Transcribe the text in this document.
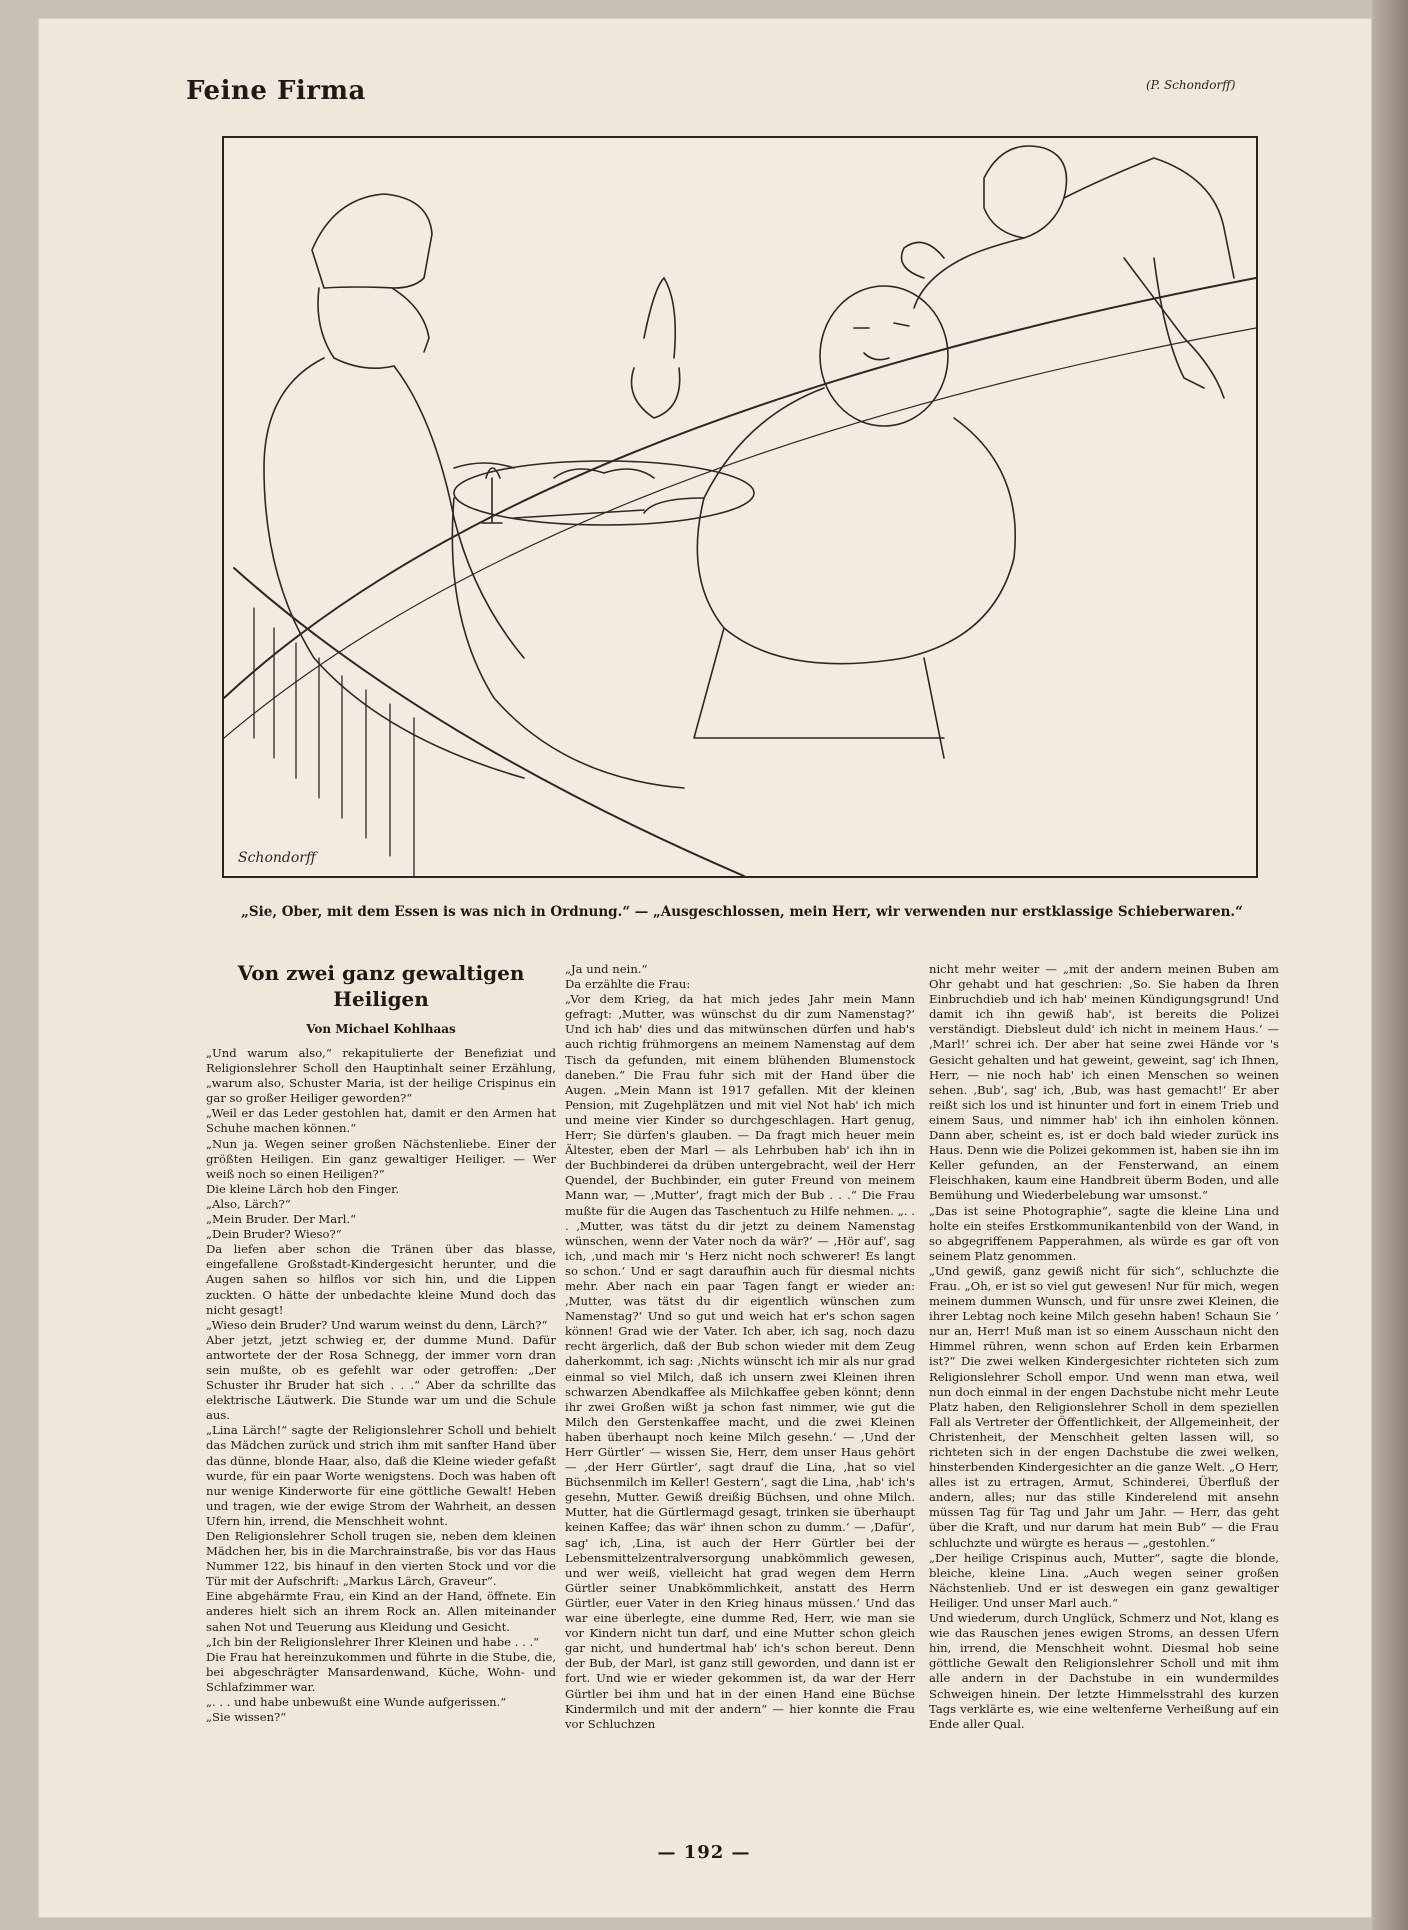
Feine Firma	(P. Schondorff)
Schondorff
„Sie, Ober, mit dem Essen is was nich in Ordnung.“ — „Ausgeschlossen, mein Herr, wir verwenden nur erstklassige Schieberwaren.“
Von zwei ganz gewaltigen Heiligen
Von Michael Kohlhaas

„Und warum also,“ rekapitulierte der Benefiziat und Religionslehrer Scholl den Hauptinhalt seiner Erzählung, „warum also, Schuster Maria, ist der heilige Crispinus ein gar so großer Heiliger geworden?“

„Weil er das Leder gestohlen hat, damit er den Armen hat Schuhe machen können.“

„Nun ja. Wegen seiner großen Nächstenliebe. Einer der größten Heiligen. Ein ganz gewaltiger Heiliger. — Wer weiß noch so einen Heiligen?“

Die kleine Lärch hob den Finger.

„Also, Lärch?“

„Mein Bruder. Der Marl.“

„Dein Bruder? Wieso?“

Da liefen aber schon die Tränen über das blasse, eingefallene Großstadt-Kindergesicht herunter, und die Augen sahen so hilflos vor sich hin, und die Lippen zuckten. O hätte der unbedachte kleine Mund doch das nicht gesagt!

„Wieso dein Bruder? Und warum weinst du denn, Lärch?“

Aber jetzt, jetzt schwieg er, der dumme Mund. Dafür antwortete der der Rosa Schnegg, der immer vorn dran sein mußte, ob es gefehlt war oder getroffen: „Der Schuster ihr Bruder hat sich . . .“ Aber da schrillte das elektrische Läutwerk. Die Stunde war um und die Schule aus.

„Lina Lärch!“ sagte der Religionslehrer Scholl und behielt das Mädchen zurück und strich ihm mit sanfter Hand über das dünne, blonde Haar, also, daß die Kleine wieder gefaßt wurde, für ein paar Worte wenigstens. Doch was haben oft nur wenige Kinderworte für eine göttliche Gewalt! Heben und tragen, wie der ewige Strom der Wahrheit, an dessen Ufern hin, irrend, die Menschheit wohnt.

Den Religionslehrer Scholl trugen sie, neben dem kleinen Mädchen her, bis in die Marchrainstraße, bis vor das Haus Nummer 122, bis hinauf in den vierten Stock und vor die Tür mit der Aufschrift: „Markus Lärch, Graveur“.

Eine abgehärmte Frau, ein Kind an der Hand, öffnete. Ein anderes hielt sich an ihrem Rock an. Allen miteinander sahen Not und Teuerung aus Kleidung und Gesicht.

„Ich bin der Religionslehrer Ihrer Kleinen und habe . . .“

Die Frau hat hereinzukommen und führte in die Stube, die, bei abgeschrägter Mansardenwand, Küche, Wohn- und Schlafzimmer war.

„. . . und habe unbewußt eine Wunde aufgerissen.“

„Sie wissen?“

„Ja und nein.“

Da erzählte die Frau:

„Vor dem Krieg, da hat mich jedes Jahr mein Mann gefragt: ‚Mutter, was wünschst du dir zum Namenstag?‘ Und ich hab' dies und das mitwünschen dürfen und hab's auch richtig frühmorgens an meinem Namenstag auf dem Tisch da gefunden, mit einem blühenden Blumenstock daneben.“ Die Frau fuhr sich mit der Hand über die Augen. „Mein Mann ist 1917 gefallen. Mit der kleinen Pension, mit Zugehplätzen und mit viel Not hab' ich mich und meine vier Kinder so durchgeschlagen. Hart genug, Herr; Sie dürfen's glauben. — Da fragt mich heuer mein Ältester, eben der Marl — als Lehrbuben hab' ich ihn in der Buchbinderei da drüben untergebracht, weil der Herr Quendel, der Buchbinder, ein guter Freund von meinem Mann war, — ‚Mutter‘, fragt mich der Bub . . .“ Die Frau mußte für die Augen das Taschentuch zu Hilfe nehmen. „. . . ‚Mutter, was tätst du dir jetzt zu deinem Namenstag wünschen, wenn der Vater noch da wär?‘ — ‚Hör auf‘, sag ich, ‚und mach mir 's Herz nicht noch schwerer! Es langt so schon.‘ Und er sagt daraufhin auch für diesmal nichts mehr. Aber nach ein paar Tagen fangt er wieder an: ‚Mutter, was tätst du dir eigentlich wünschen zum Namenstag?‘ Und so gut und weich hat er's schon sagen können! Grad wie der Vater. Ich aber, ich sag, noch dazu recht ärgerlich, daß der Bub schon wieder mit dem Zeug daherkommt, ich sag: ‚Nichts wünscht ich mir als nur grad einmal so viel Milch, daß ich unsern zwei Kleinen ihren schwarzen Abendkaffee als Milchkaffee geben könnt; denn ihr zwei Großen wißt ja schon fast nimmer, wie gut die Milch den Gerstenkaffee macht, und die zwei Kleinen haben überhaupt noch keine Milch gesehn.‘ — ‚Und der Herr Gürtler‘ — wissen Sie, Herr, dem unser Haus gehört — ‚der Herr Gürtler‘, sagt drauf die Lina, ‚hat so viel Büchsenmilch im Keller! Gestern‘, sagt die Lina, ‚hab' ich's gesehn, Mutter. Gewiß dreißig Büchsen, und ohne Milch. Mutter, hat die Gürtlermagd gesagt, trinken sie überhaupt keinen Kaffee; das wär' ihnen schon zu dumm.‘ — ‚Dafür‘, sag' ich, ‚Lina, ist auch der Herr Gürtler bei der Lebensmittelzentralversorgung unabkömmlich gewesen, und wer weiß, vielleicht hat grad wegen dem Herrn Gürtler seiner Unabkömmlichkeit, anstatt des Herrn Gürtler, euer Vater in den Krieg hinaus müssen.‘ Und das war eine überlegte, eine dumme Red, Herr, wie man sie vor Kindern nicht tun darf, und eine Mutter schon gleich gar nicht, und hundertmal hab' ich's schon bereut. Denn der Bub, der Marl, ist ganz still geworden, und dann ist er fort. Und wie er wieder gekommen ist, da war der Herr Gürtler bei ihm und hat in der einen Hand eine Büchse Kindermilch und mit der andern“ — hier konnte die Frau vor Schluchzen

nicht mehr weiter — „mit der andern meinen Buben am Ohr gehabt und hat geschrien: ‚So. Sie haben da Ihren Einbruchdieb und ich hab' meinen Kündigungsgrund! Und damit ich ihn gewiß hab', ist bereits die Polizei verständigt. Diebsleut duld' ich nicht in meinem Haus.‘ — ‚Marl!‘ schrei ich. Der aber hat seine zwei Hände vor 's Gesicht gehalten und hat geweint, geweint, sag' ich Ihnen, Herr, — nie noch hab' ich einen Menschen so weinen sehen. ‚Bub‘, sag' ich, ‚Bub, was hast gemacht!‘ Er aber reißt sich los und ist hinunter und fort in einem Trieb und einem Saus, und nimmer hab' ich ihn einholen können. Dann aber, scheint es, ist er doch bald wieder zurück ins Haus. Denn wie die Polizei gekommen ist, haben sie ihn im Keller gefunden, an der Fensterwand, an einem Fleischhaken, kaum eine Handbreit überm Boden, und alle Bemühung und Wiederbelebung war umsonst.“

„Das ist seine Photographie“, sagte die kleine Lina und holte ein steifes Erstkommunikantenbild von der Wand, in so abgegriffenem Papperahmen, als würde es gar oft von seinem Platz genommen.

„Und gewiß, ganz gewiß nicht für sich“, schluchzte die Frau. „Oh, er ist so viel gut gewesen! Nur für mich, wegen meinem dummen Wunsch, und für unsre zwei Kleinen, die ihrer Lebtag noch keine Milch gesehn haben! Schaun Sie ’ nur an, Herr! Muß man ist so einem Ausschaun nicht den Himmel rühren, wenn schon auf Erden kein Erbarmen ist?“ Die zwei welken Kindergesichter richteten sich zum Religionslehrer Scholl empor. Und wenn man etwa, weil nun doch einmal in der engen Dachstube nicht mehr Leute Platz haben, den Religionslehrer Scholl in dem speziellen Fall als Vertreter der Öffentlichkeit, der Allgemeinheit, der Christenheit, der Menschheit gelten lassen will, so richteten sich in der engen Dachstube die zwei welken, hinsterbenden Kindergesichter an die ganze Welt. „O Herr, alles ist zu ertragen, Armut, Schinderei, Überfluß der andern, alles; nur das stille Kinderelend mit ansehn müssen Tag für Tag und Jahr um Jahr. — Herr, das geht über die Kraft, und nur darum hat mein Bub“ — die Frau schluchzte und würgte es heraus — „gestohlen.“

„Der heilige Crispinus auch, Mutter“, sagte die blonde, bleiche, kleine Lina. „Auch wegen seiner großen Nächstenlieb. Und er ist deswegen ein ganz gewaltiger Heiliger. Und unser Marl auch.“

Und wiederum, durch Unglück, Schmerz und Not, klang es wie das Rauschen jenes ewigen Stroms, an dessen Ufern hin, irrend, die Menschheit wohnt. Diesmal hob seine göttliche Gewalt den Religionslehrer Scholl und mit ihm alle andern in der Dachstube in ein wundermildes Schweigen hinein. Der letzte Himmelsstrahl des kurzen Tags verklärte es, wie eine weltenferne Verheißung auf ein Ende aller Qual.

— 192 —
